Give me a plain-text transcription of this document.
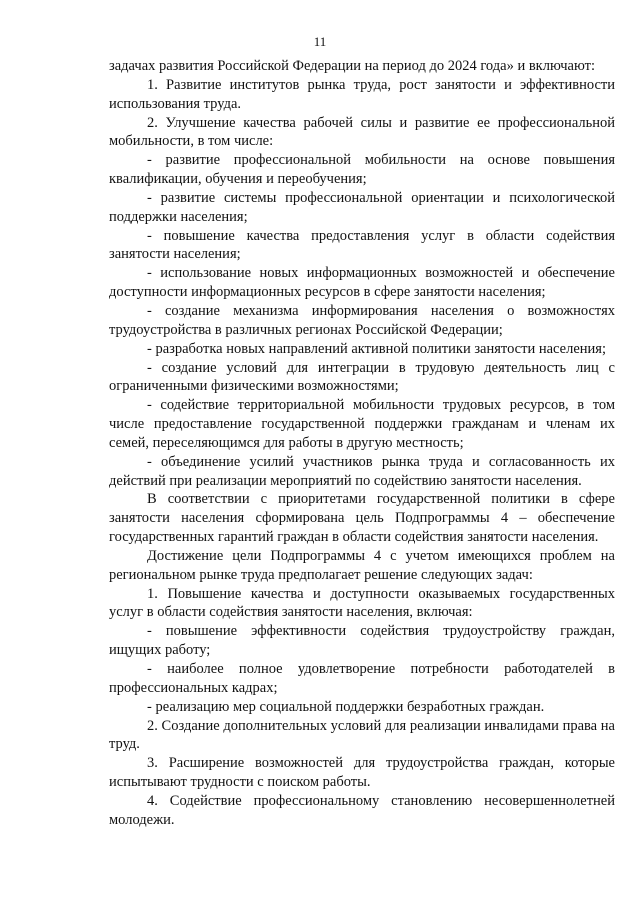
11

задачах развития Российской Федерации на период до 2024 года» и включают:

1. Развитие институтов рынка труда, рост занятости и эффективности использования труда.

2. Улучшение качества рабочей силы и развитие ее профессиональной мобильности, в том числе:

- развитие профессиональной мобильности на основе повышения квалификации, обучения и переобучения;

- развитие системы профессиональной ориентации и психологической поддержки населения;

- повышение качества предоставления услуг в области содействия занятости населения;

- использование новых информационных возможностей и обеспечение доступности информационных ресурсов в сфере занятости населения;

- создание механизма информирования населения о возможностях трудоустройства в различных регионах Российской Федерации;

- разработка новых направлений активной политики занятости населения;

- создание условий для интеграции в трудовую деятельность лиц с ограниченными физическими возможностями;

- содействие территориальной мобильности трудовых ресурсов, в том числе предоставление государственной поддержки гражданам и членам их семей, переселяющимся для работы в другую местность;

- объединение усилий участников рынка труда и согласованность их действий при реализации мероприятий по содействию занятости населения.

В соответствии с приоритетами государственной политики в сфере занятости населения сформирована цель Подпрограммы 4 – обеспечение государственных гарантий граждан в области содействия занятости населения.

Достижение цели Подпрограммы 4 с учетом имеющихся проблем на региональном рынке труда предполагает решение следующих задач:

1. Повышение качества и доступности оказываемых государственных услуг в области содействия занятости населения, включая:

- повышение эффективности содействия трудоустройству граждан, ищущих работу;

- наиболее полное удовлетворение потребности работодателей в профессиональных кадрах;

- реализацию мер социальной поддержки безработных граждан.

2. Создание дополнительных условий для реализации инвалидами права на труд.

3. Расширение возможностей для трудоустройства граждан, которые испытывают трудности с поиском работы.

4. Содействие профессиональному становлению несовершеннолетней молодежи.
